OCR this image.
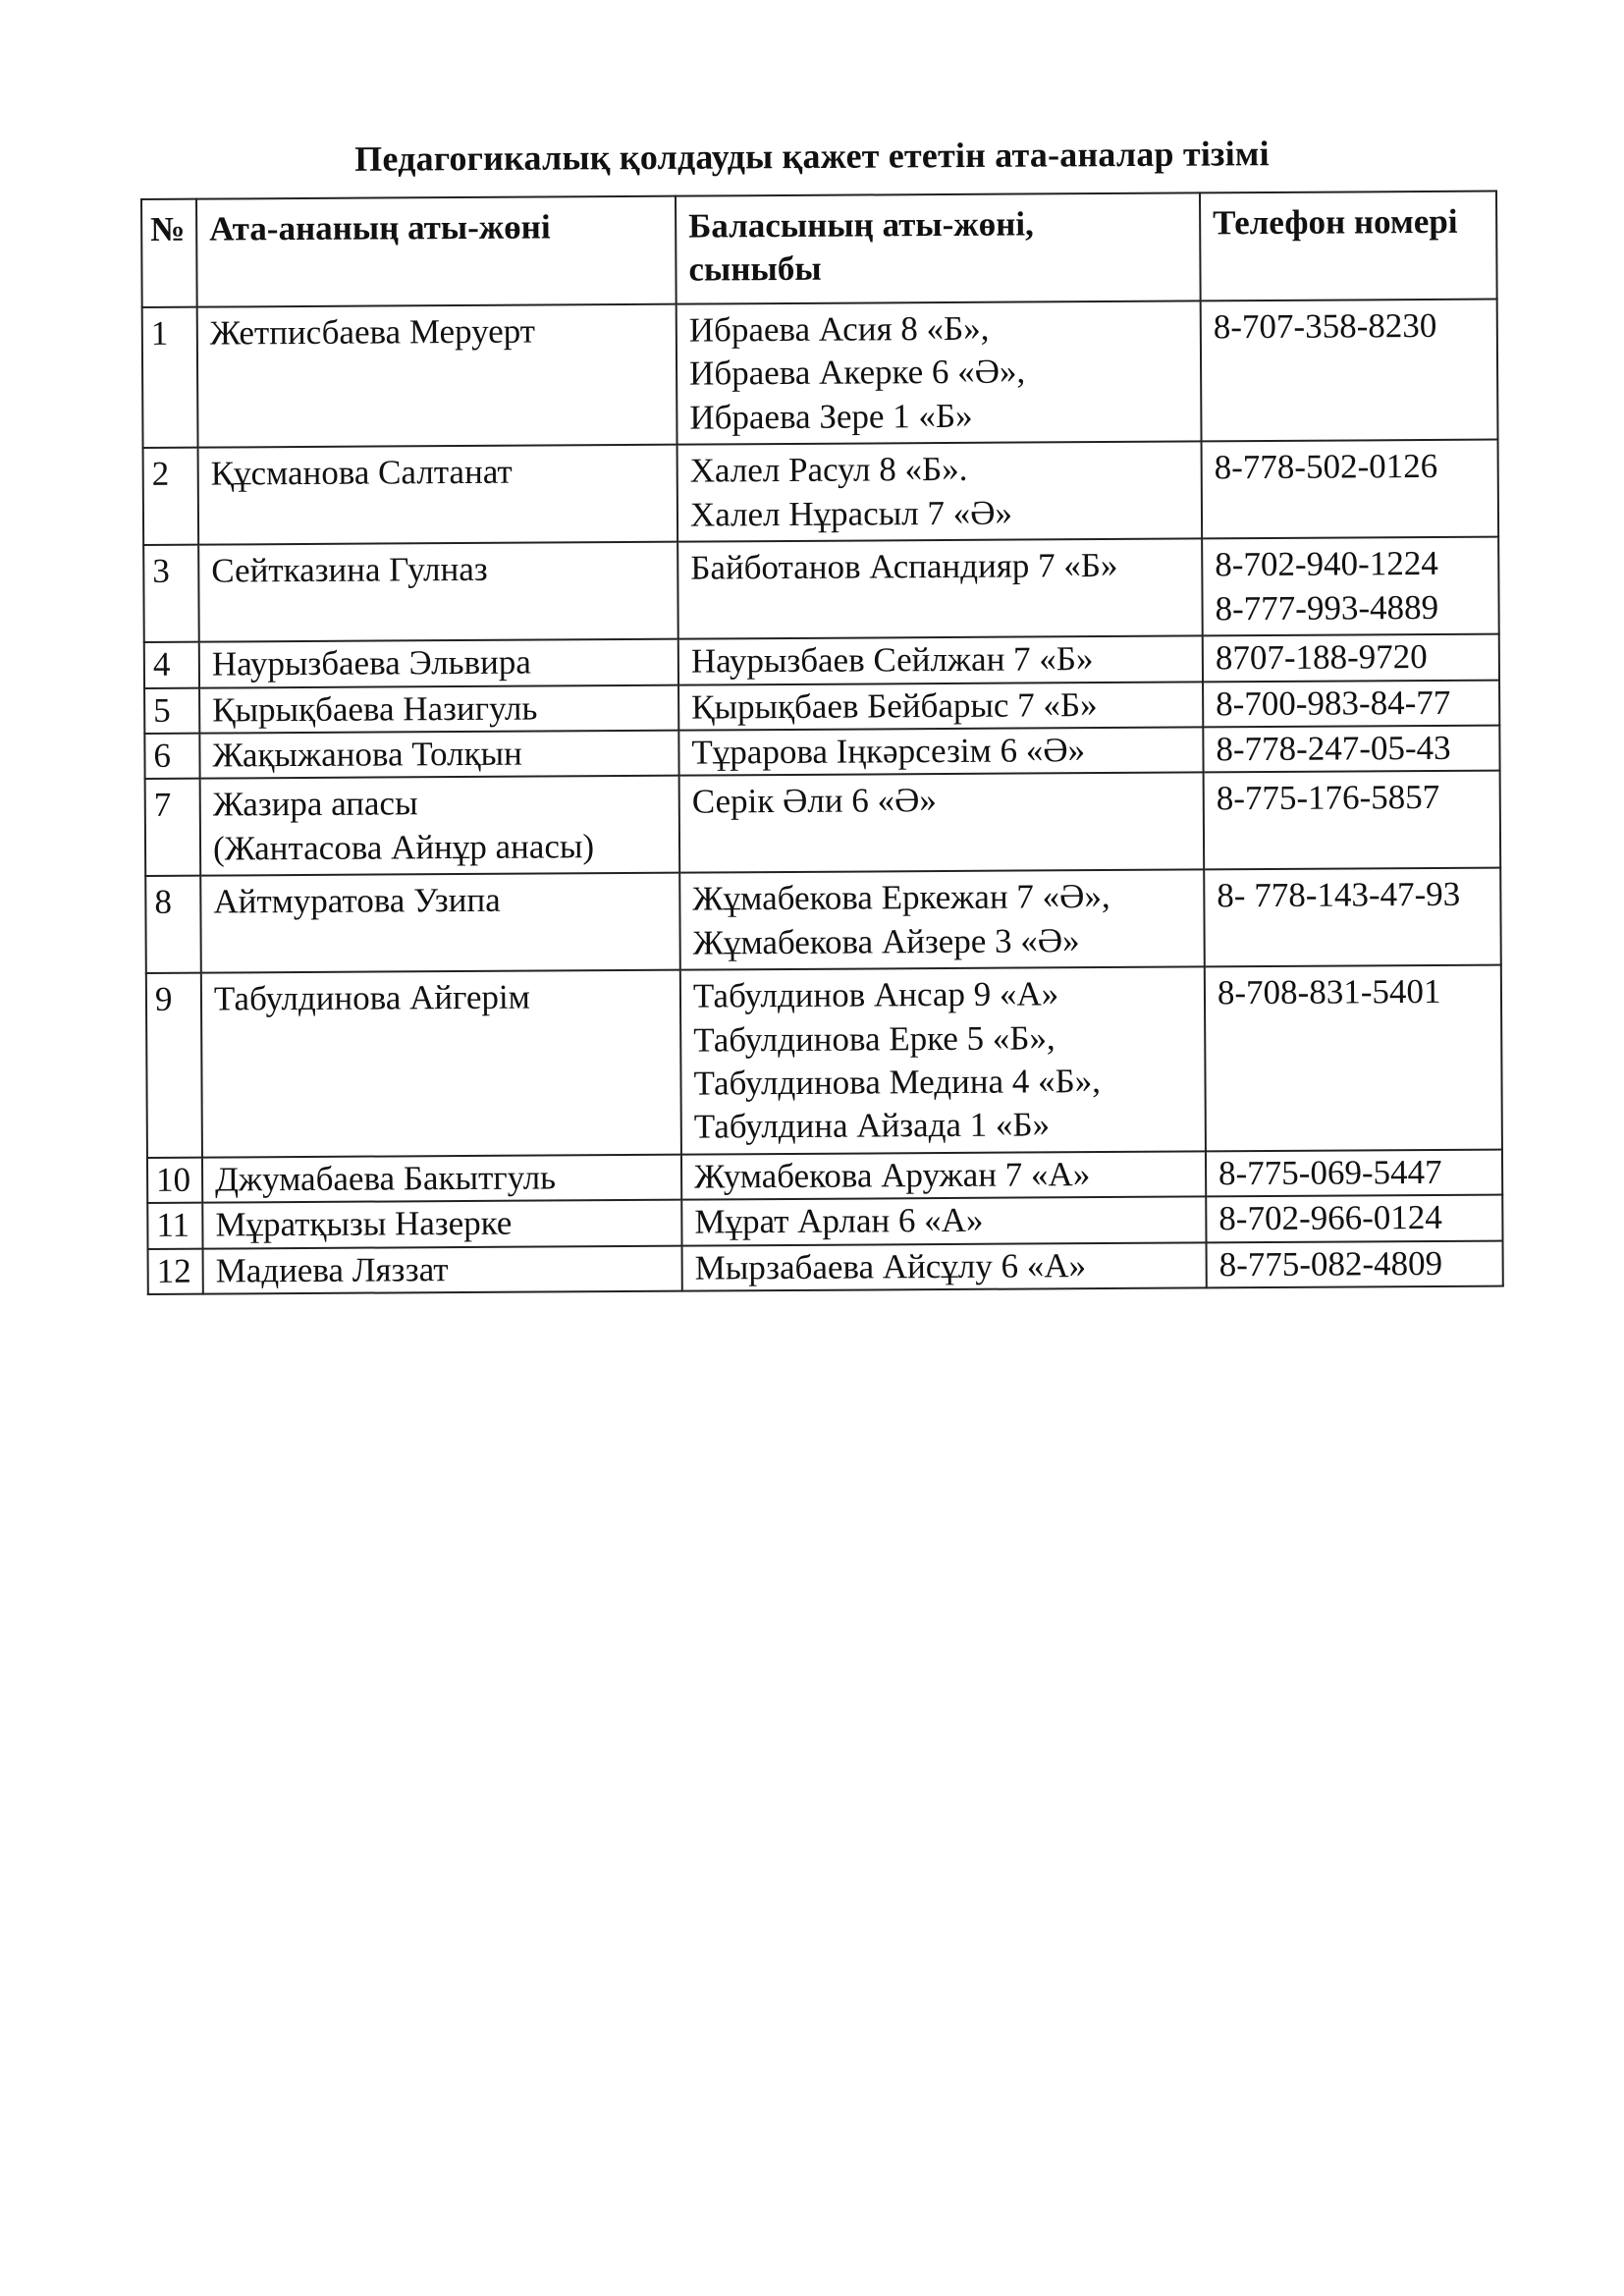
Педагогикалық қолдауды қажет ететін ата-аналар тізімі
№	Ата-ананың аты-жөні	Баласының аты-жөні,
сыныбы	Телефон номері
1	Жетписбаева Меруерт	Ибраева Асия 8 «Б»,
Ибраева Акерке 6 «Ә»,
Ибраева Зере 1 «Б»	8-707-358-8230

2	Құсманова Салтанат	Халел Расул 8 «Б».
Халел Нұрасыл 7 «Ә»	8-778-502-0126

3	Сейтказина Гулназ	Байботанов Аспандияр 7 «Б»	8-702-940-1224
8-777-993-4889

4	Наурызбаева Эльвира	Наурызбаев Сейлжан 7 «Б»	8707-188-9720

5	Қырықбаева Назигуль	Қырықбаев Бейбарыс 7 «Б»	8-700-983-84-77

6	Жақыжанова Толқын	Тұрарова Іңкәрсезім 6 «Ә»	8-778-247-05-43

7	Жазира апасы
(Жантасова Айнұр анасы)	Серік Әли 6 «Ә»	8-775-176-5857

8	Айтмуратова Узипа	Жұмабекова Еркежан 7 «Ә»,
Жұмабекова Айзере 3 «Ә»	8- 778-143-47-93

9	Табулдинова Айгерім	Табулдинов Ансар 9 «А»
Табулдинова Ерке 5 «Б»,
Табулдинова Медина 4 «Б»,
Табулдина Айзада 1 «Б»	8-708-831-5401

10	Джумабаева Бакытгуль	Жумабекова Аружан 7 «А»	8-775-069-5447

11	Мұратқызы Назерке	Мұрат Арлан 6 «А»	8-702-966-0124

12	Мадиева Ляззат	Мырзабаева Айсұлу 6 «А»	8-775-082-4809
